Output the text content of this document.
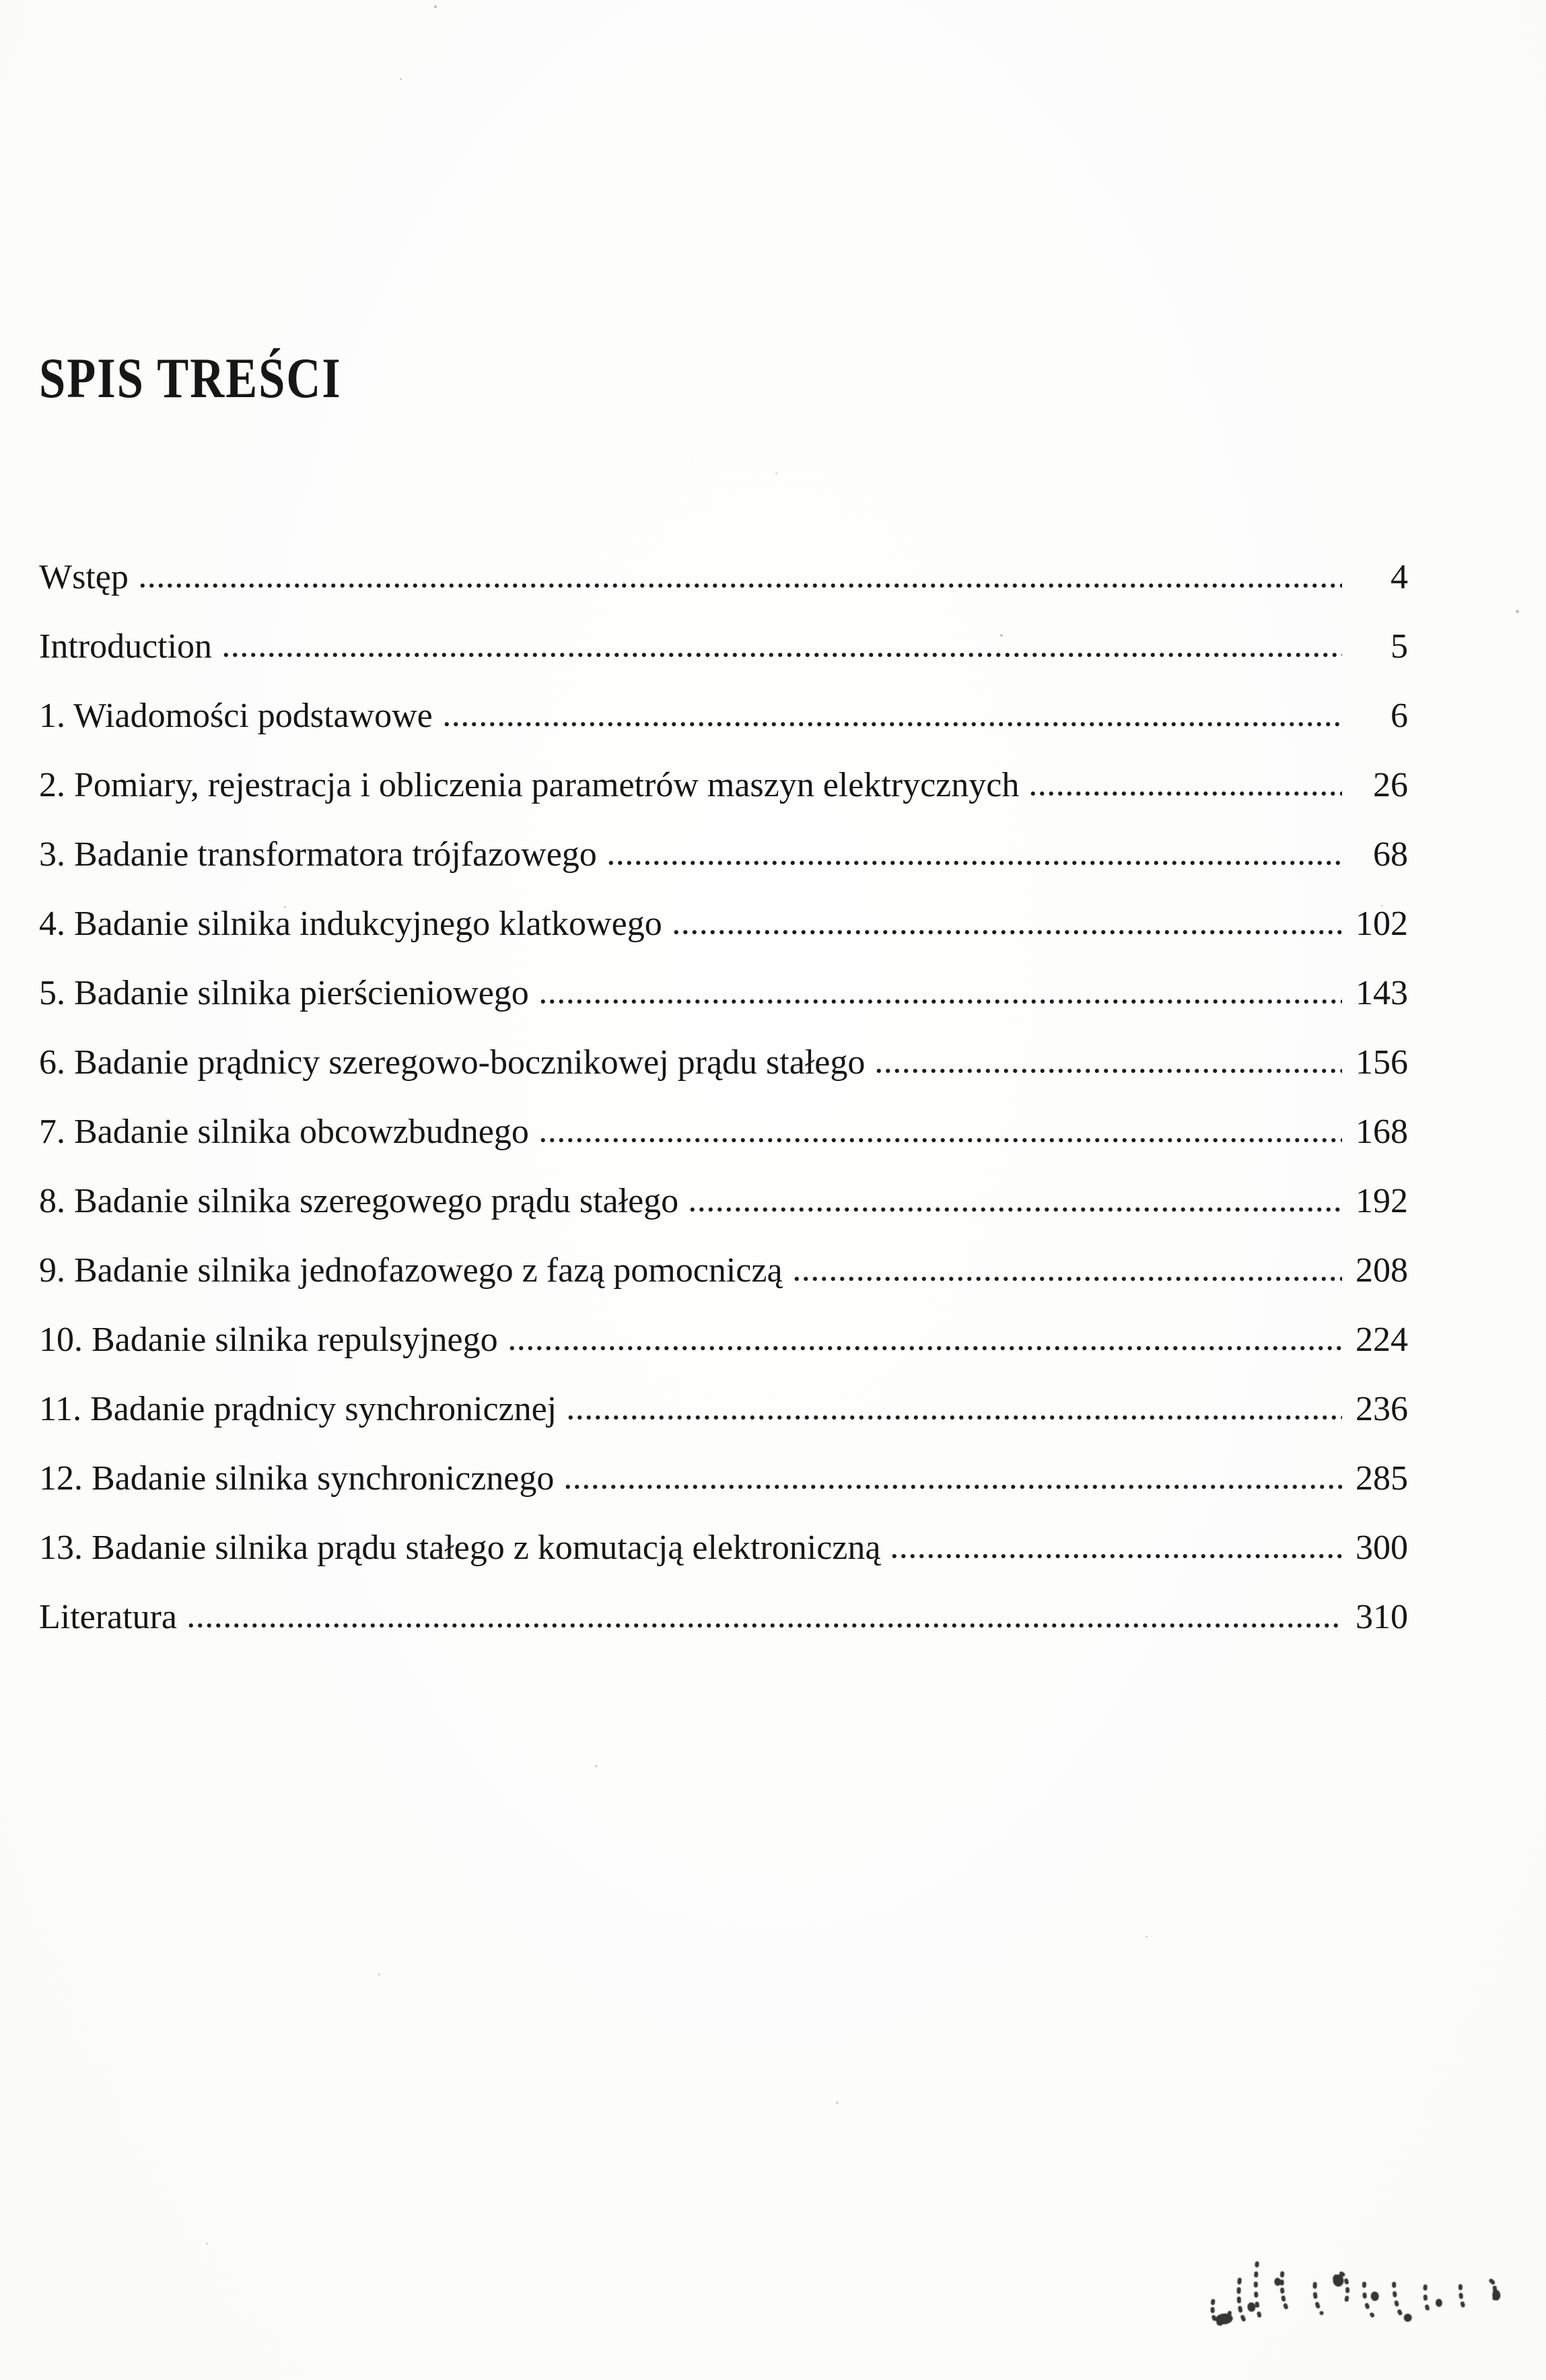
SPIS TREŚCI
Wstęp	4
Introduction	5
1. Wiadomości podstawowe	6
2. Pomiary, rejestracja i obliczenia parametrów maszyn elektrycznych	26
3. Badanie transformatora trójfazowego	68
4. Badanie silnika indukcyjnego klatkowego	102
5. Badanie silnika pierścieniowego	143
6. Badanie prądnicy szeregowo-bocznikowej prądu stałego	156
7. Badanie silnika obcowzbudnego	168
8. Badanie silnika szeregowego prądu stałego	192
9. Badanie silnika jednofazowego z fazą pomocniczą	208
10. Badanie silnika repulsyjnego	224
11. Badanie prądnicy synchronicznej	236
12. Badanie silnika synchronicznego	285
13. Badanie silnika prądu stałego z komutacją elektroniczną	300
Literatura	310
